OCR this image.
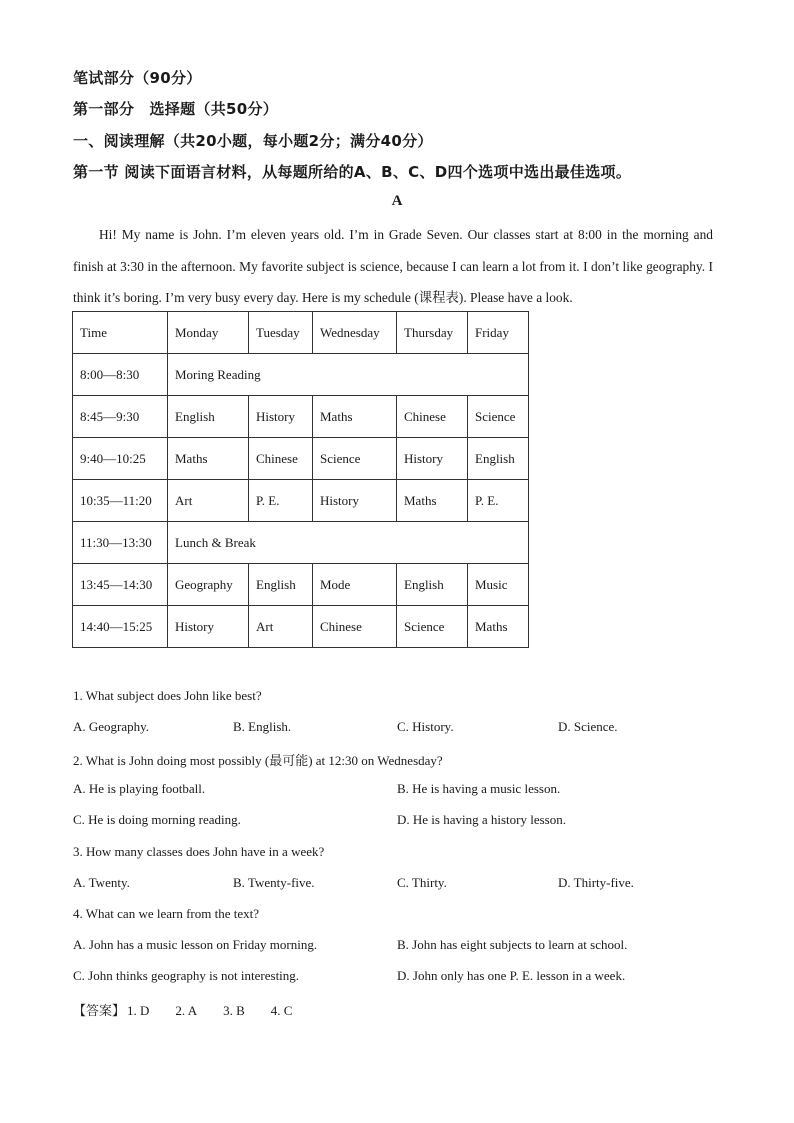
笔试部分（90分）
第一部分　选择题（共50分）
一、阅读理解（共20小题，每小题2分；满分40分）
第一节 阅读下面语言材料，从每题所给的A、B、C、D四个选项中选出最佳选项。
A
Hi! My name is John. I’m eleven years old. I’m in Grade Seven. Our classes start at 8:00 in the morning and finish at 3:30 in the afternoon. My favorite subject is science, because I can learn a lot from it. I don’t like geography. I think it’s boring. I’m very busy every day. Here is my schedule (课程表). Please have a look.
Time	Monday	Tuesday	Wednesday	Thursday	Friday
8:00—8:30	Moring Reading				
8:45—9:30	English	History	Maths	Chinese	Science
9:40—10:25	Maths	Chinese	Science	History	English
10:35—11:20	Art	P. E.	History	Maths	P. E.
11:30—13:30	Lunch & Break				
13:45—14:30	Geography	English	Mode	English	Music
14:40—15:25	History	Art	Chinese	Science	Maths
1. What subject does John like best?
A. Geography.	B. English.	C. History.	D. Science.
2. What is John doing most possibly (最可能) at 12:30 on Wednesday?
A. He is playing football.	B. He is having a music lesson.
C. He is doing morning reading.	D. He is having a history lesson.
3. How many classes does John have in a week?
A. Twenty.	B. Twenty-five.	C. Thirty.	D. Thirty-five.
4. What can we learn from the text?
A. John has a music lesson on Friday morning.	B. John has eight subjects to learn at school.
C. John thinks geography is not interesting.	D. John only has one P. E. lesson in a week.
【答案】 1. D 2. A 3. B 4. C
